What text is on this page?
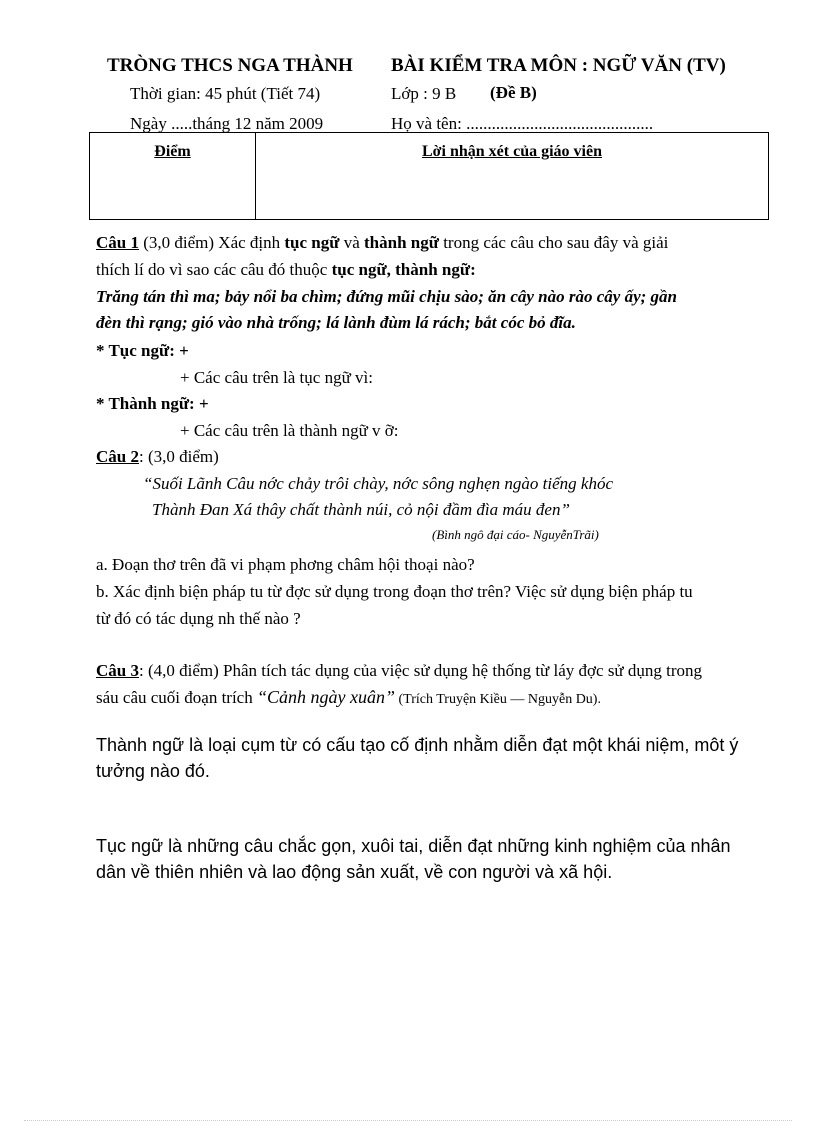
TRÒNG THCS NGA THÀNH BÀI KIỂM TRA MÔN : NGỮ VĂN (TV)
Thời gian: 45 phút (Tiết 74)	Lớp : 9 B (Đề B)
Ngày .....tháng 12 năm 2009	Họ và tên: ............................................
Điểm	Lời nhận xét của giáo viên
Câu 1 (3,0 điểm) Xác định tục ngữ và thành ngữ trong các câu cho sau đây và giải
thích lí do vì sao các câu đó thuộc tục ngữ, thành ngữ:
Trăng tán thì ma; bảy nổi ba chìm; đứng mũi chịu sào; ăn cây nào rào cây ấy; gần
đèn thì rạng; gió vào nhà trống; lá lành đùm lá rách; bắt cóc bỏ đĩa.
* Tục ngữ: +
+ Các câu trên là tục ngữ vì:
* Thành ngữ: +
+ Các câu trên là thành ngữ v ỡ:
Câu 2: (3,0 điểm)
“Suối Lãnh Câu nớc chảy trôi chày, nớc sông nghẹn ngào tiếng khóc
Thành Đan Xá thây chất thành núi, cỏ nội đầm đìa máu đen”
(Bình ngô đại cáo- NguyễnTrãi)
a. Đoạn thơ trên đã vi phạm phơng châm hội thoại nào?
b. Xác định biện pháp tu từ đợc sử dụng trong đoạn thơ trên? Việc sử dụng biện pháp tu
từ đó có tác dụng nh thế nào ?
Câu 3: (4,0 điểm) Phân tích tác dụng của việc sử dụng hệ thống từ láy đợc sử dụng trong
sáu câu cuối đoạn trích “Cảnh ngày xuân” (Trích Truyện Kiều — Nguyễn Du).
Thành ngữ là loại cụm từ có cấu tạo cố định nhằm diễn đạt một khái niệm, môt ý
tưởng nào đó.
Tục ngữ là những câu chắc gọn, xuôi tai, diễn đạt những kinh nghiệm của nhân
dân về thiên nhiên và lao động sản xuất, về con người và xã hội.
